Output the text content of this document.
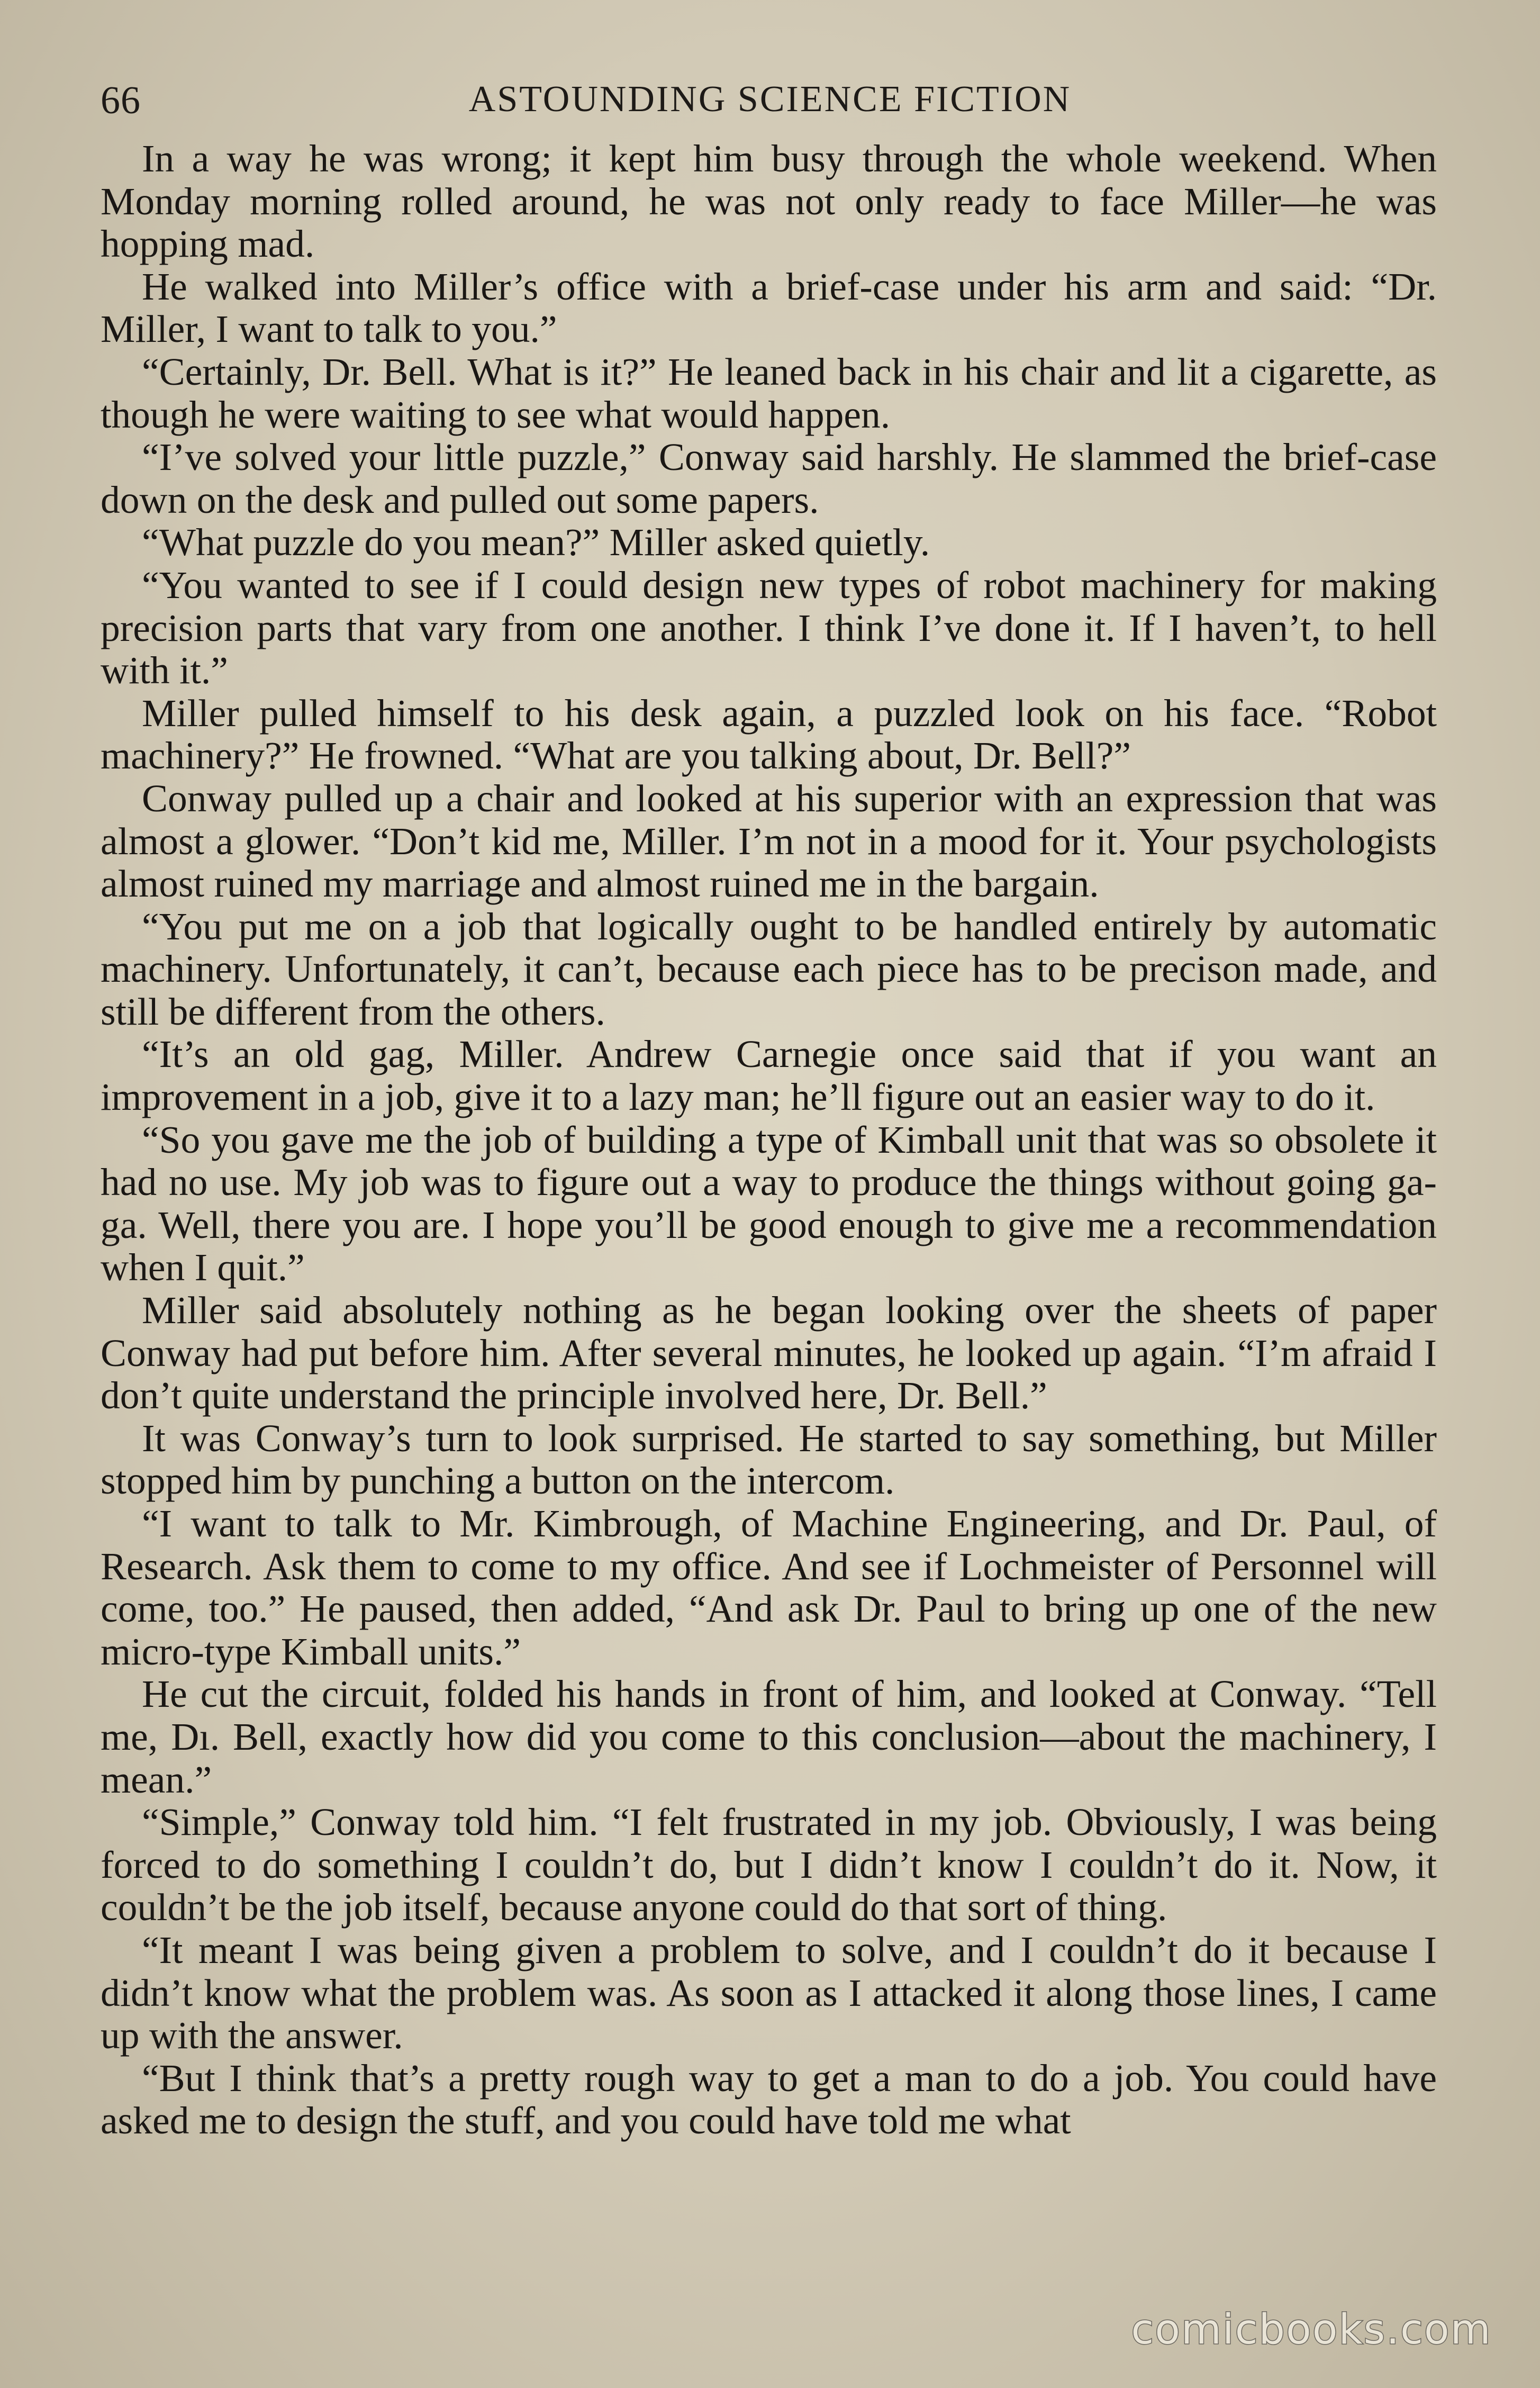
66	ASTOUNDING SCIENCE FICTION

In a way he was wrong; it kept him busy through the whole weekend. When Monday morning rolled around, he was not only ready to face Miller—he was hopping mad.

He walked into Miller’s office with a brief-case under his arm and said: “Dr. Miller, I want to talk to you.”

“Certainly, Dr. Bell. What is it?” He leaned back in his chair and lit a cigarette, as though he were waiting to see what would happen.

“I’ve solved your little puzzle,” Conway said harshly. He slammed the brief-case down on the desk and pulled out some papers.

“What puzzle do you mean?” Miller asked quietly.

“You wanted to see if I could design new types of robot machinery for making precision parts that vary from one another. I think I’ve done it. If I haven’t, to hell with it.”

Miller pulled himself to his desk again, a puzzled look on his face. “Robot machinery?” He frowned. “What are you talking about, Dr. Bell?”

Conway pulled up a chair and looked at his superior with an expression that was almost a glower. “Don’t kid me, Miller. I’m not in a mood for it. Your psychologists almost ruined my marriage and almost ruined me in the bargain.

“You put me on a job that logically ought to be handled entirely by automatic machinery. Unfortunately, it can’t, because each piece has to be precison made, and still be different from the others.

“It’s an old gag, Miller. Andrew Carnegie once said that if you want an improvement in a job, give it to a lazy man; he’ll figure out an easier way to do it.

“So you gave me the job of building a type of Kimball unit that was so obsolete it had no use. My job was to figure out a way to produce the things without going ga-ga. Well, there you are. I hope you’ll be good enough to give me a recommendation when I quit.”

Miller said absolutely nothing as he began looking over the sheets of paper Conway had put before him. After several minutes, he looked up again. “I’m afraid I don’t quite understand the principle involved here, Dr. Bell.”

It was Conway’s turn to look surprised. He started to say something, but Miller stopped him by punching a button on the intercom.

“I want to talk to Mr. Kimbrough, of Machine Engineering, and Dr. Paul, of Research. Ask them to come to my office. And see if Lochmeister of Personnel will come, too.” He paused, then added, “And ask Dr. Paul to bring up one of the new micro-type Kimball units.”

He cut the circuit, folded his hands in front of him, and looked at Conway. “Tell me, Dı. Bell, exactly how did you come to this conclusion—about the machinery, I mean.”

“Simple,” Conway told him. “I felt frustrated in my job. Obviously, I was being forced to do something I couldn’t do, but I didn’t know I couldn’t do it. Now, it couldn’t be the job itself, because anyone could do that sort of thing.

“It meant I was being given a problem to solve, and I couldn’t do it because I didn’t know what the problem was. As soon as I attacked it along those lines, I came up with the answer.

“But I think that’s a pretty rough way to get a man to do a job. You could have asked me to design the stuff, and you could have told me what
